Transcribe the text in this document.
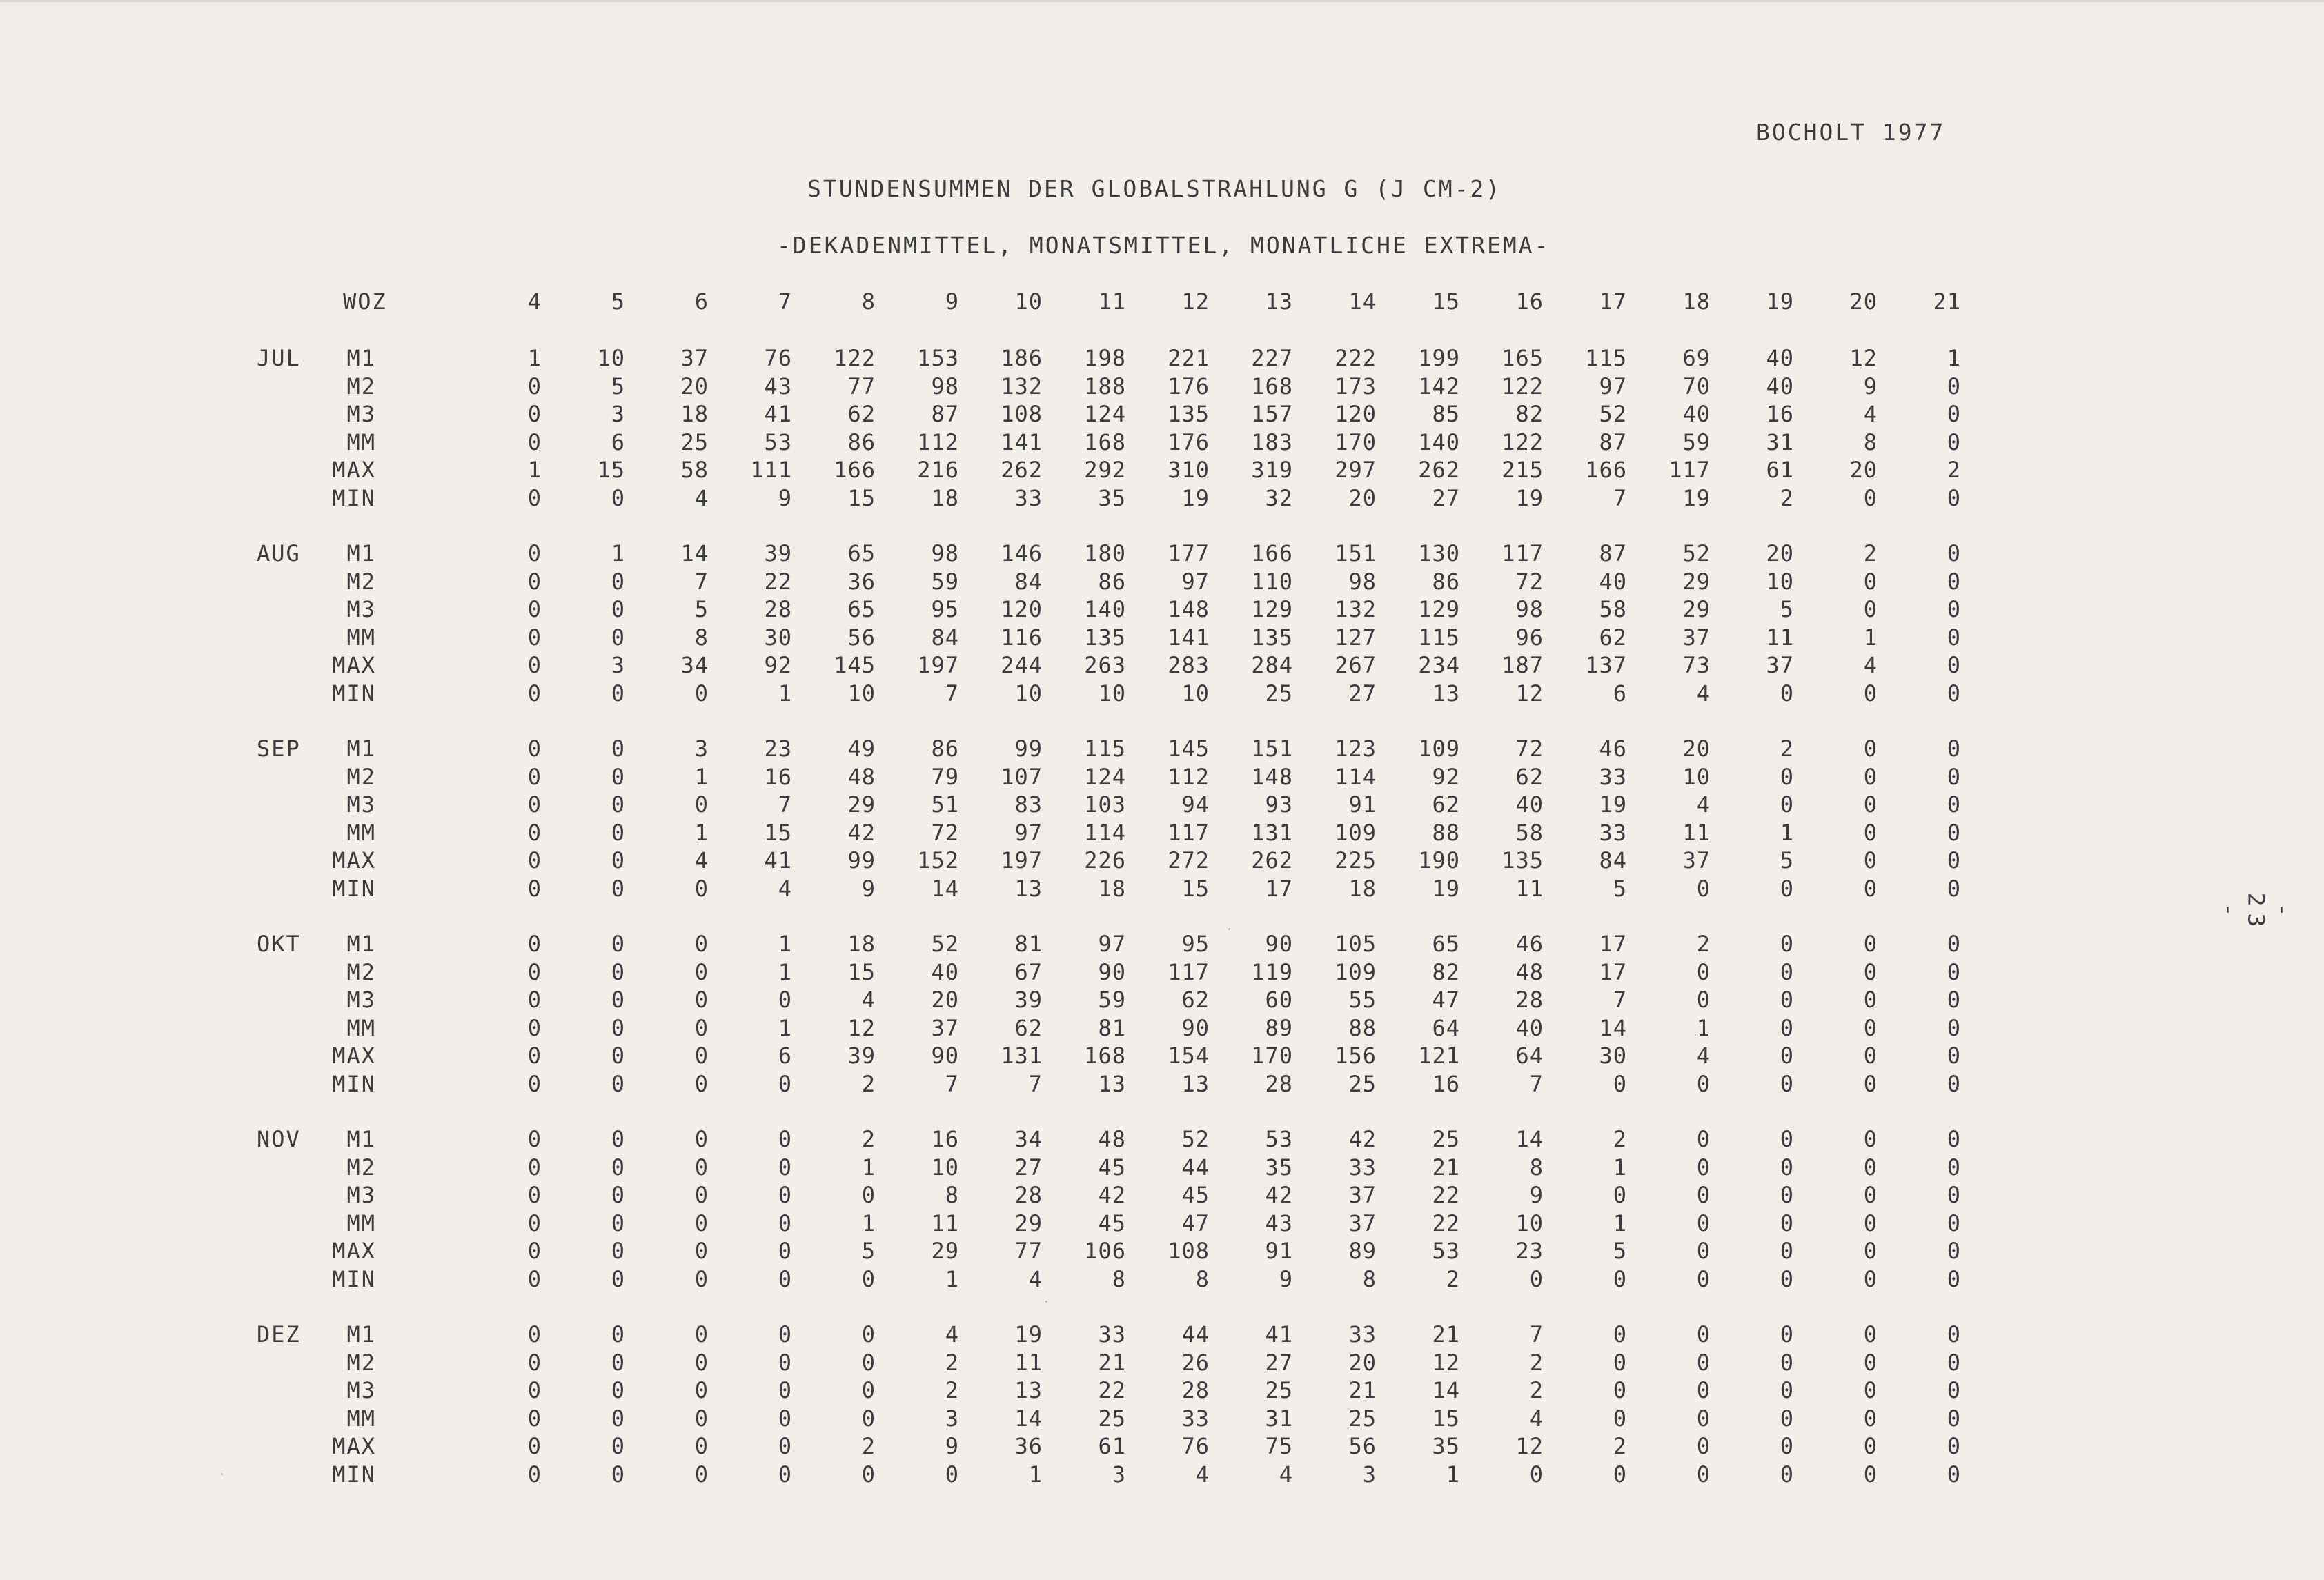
BOCHOLT 1977
STUNDENSUMMEN DER GLOBALSTRAHLUNG G (J CM-2)
-DEKADENMITTEL, MONATSMITTEL, MONATLICHE EXTREMA-
- 23 -
WOZ	4	5	6	7	8	9	10	11	12	13	14	15	16	17	18	19	20	21
JUL	M1	1	10	37	76	122	153	186	198	221	227	222	199	165	115	69	40	12	1
M2	0	5	20	43	77	98	132	188	176	168	173	142	122	97	70	40	9	0
M3	0	3	18	41	62	87	108	124	135	157	120	85	82	52	40	16	4	0
MM	0	6	25	53	86	112	141	168	176	183	170	140	122	87	59	31	8	0
MAX	1	15	58	111	166	216	262	292	310	319	297	262	215	166	117	61	20	2
MIN	0	0	4	9	15	18	33	35	19	32	20	27	19	7	19	2	0	0
AUG	M1	0	1	14	39	65	98	146	180	177	166	151	130	117	87	52	20	2	0
M2	0	0	7	22	36	59	84	86	97	110	98	86	72	40	29	10	0	0
M3	0	0	5	28	65	95	120	140	148	129	132	129	98	58	29	5	0	0
MM	0	0	8	30	56	84	116	135	141	135	127	115	96	62	37	11	1	0
MAX	0	3	34	92	145	197	244	263	283	284	267	234	187	137	73	37	4	0
MIN	0	0	0	1	10	7	10	10	10	25	27	13	12	6	4	0	0	0
SEP	M1	0	0	3	23	49	86	99	115	145	151	123	109	72	46	20	2	0	0
M2	0	0	1	16	48	79	107	124	112	148	114	92	62	33	10	0	0	0
M3	0	0	0	7	29	51	83	103	94	93	91	62	40	19	4	0	0	0
MM	0	0	1	15	42	72	97	114	117	131	109	88	58	33	11	1	0	0
MAX	0	0	4	41	99	152	197	226	272	262	225	190	135	84	37	5	0	0
MIN	0	0	0	4	9	14	13	18	15	17	18	19	11	5	0	0	0	0
OKT	M1	0	0	0	1	18	52	81	97	95	90	105	65	46	17	2	0	0	0
M2	0	0	0	1	15	40	67	90	117	119	109	82	48	17	0	0	0	0
M3	0	0	0	0	4	20	39	59	62	60	55	47	28	7	0	0	0	0
MM	0	0	0	1	12	37	62	81	90	89	88	64	40	14	1	0	0	0
MAX	0	0	0	6	39	90	131	168	154	170	156	121	64	30	4	0	0	0
MIN	0	0	0	0	2	7	7	13	13	28	25	16	7	0	0	0	0	0
NOV	M1	0	0	0	0	2	16	34	48	52	53	42	25	14	2	0	0	0	0
M2	0	0	0	0	1	10	27	45	44	35	33	21	8	1	0	0	0	0
M3	0	0	0	0	0	8	28	42	45	42	37	22	9	0	0	0	0	0
MM	0	0	0	0	1	11	29	45	47	43	37	22	10	1	0	0	0	0
MAX	0	0	0	0	5	29	77	106	108	91	89	53	23	5	0	0	0	0
MIN	0	0	0	0	0	1	4	8	8	9	8	2	0	0	0	0	0	0
DEZ	M1	0	0	0	0	0	4	19	33	44	41	33	21	7	0	0	0	0	0
M2	0	0	0	0	0	2	11	21	26	27	20	12	2	0	0	0	0	0
M3	0	0	0	0	0	2	13	22	28	25	21	14	2	0	0	0	0	0
MM	0	0	0	0	0	3	14	25	33	31	25	15	4	0	0	0	0	0
MAX	0	0	0	0	2	9	36	61	76	75	56	35	12	2	0	0	0	0
MIN	0	0	0	0	0	0	1	3	4	4	3	1	0	0	0	0	0	0
